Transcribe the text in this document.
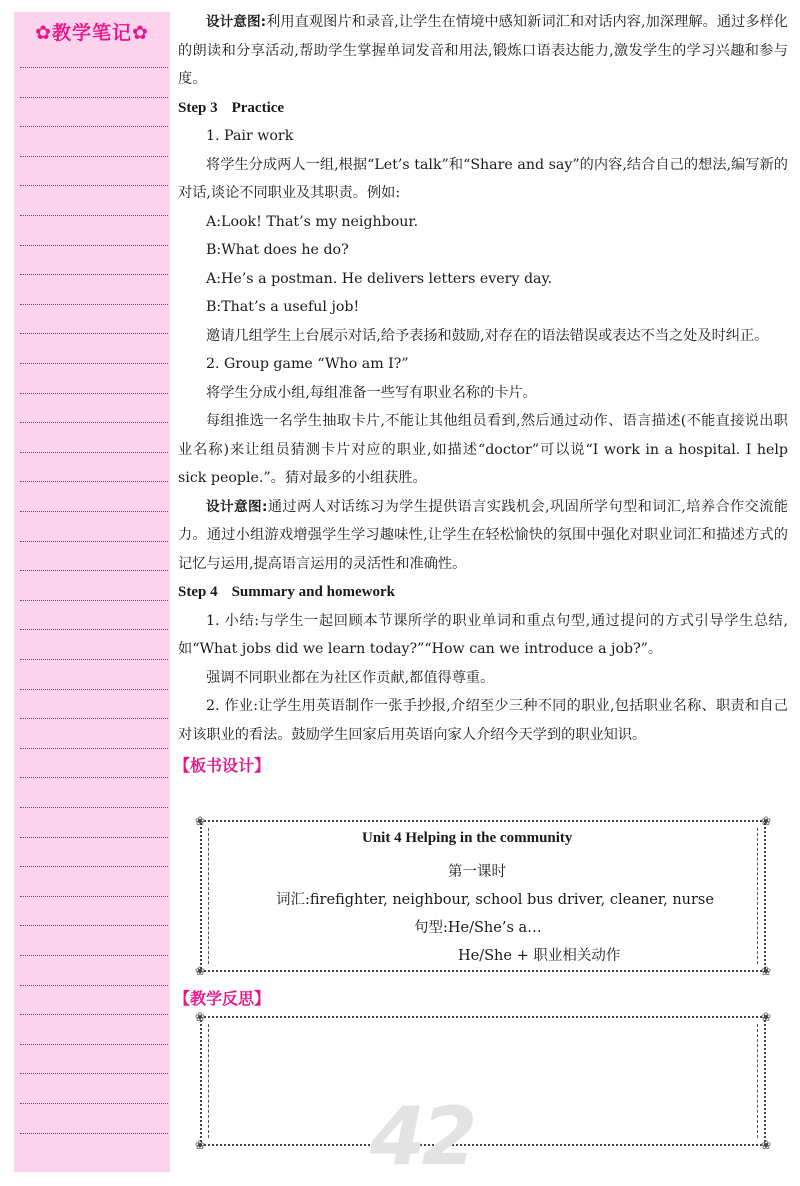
✿教学笔记✿	设计意图:利用直观图片和录音,让学生在情境中感知新词汇和对话内容,加深理解。通过多样化的朗读和分享活动,帮助学生掌握单词发音和用法,锻炼口语表达能力,激发学生的学习兴趣和参与度。

Step 3 Practice

1. Pair work

将学生分成两人一组,根据“Let’s talk”和“Share and say”的内容,结合自己的想法,编写新的对话,谈论不同职业及其职责。例如:

A:Look! That’s my neighbour.

B:What does he do?

A:He’s a postman. He delivers letters every day.

B:That’s a useful job!

邀请几组学生上台展示对话,给予表扬和鼓励,对存在的语法错误或表达不当之处及时纠正。

2. Group game “Who am I?”

将学生分成小组,每组准备一些写有职业名称的卡片。

每组推选一名学生抽取卡片,不能让其他组员看到,然后通过动作、语言描述(不能直接说出职业名称)来让组员猜测卡片对应的职业,如描述“doctor”可以说“I work in a hospital. I help sick people.”。猜对最多的小组获胜。

设计意图:通过两人对话练习为学生提供语言实践机会,巩固所学句型和词汇,培养合作交流能力。通过小组游戏增强学生学习趣味性,让学生在轻松愉快的氛围中强化对职业词汇和描述方式的记忆与运用,提高语言运用的灵活性和准确性。

Step 4 Summary and homework

1. 小结:与学生一起回顾本节课所学的职业单词和重点句型,通过提问的方式引导学生总结,如“What jobs did we learn today?”“How can we introduce a job?”。

强调不同职业都在为社区作贡献,都值得尊重。

2. 作业:让学生用英语制作一张手抄报,介绍至少三种不同的职业,包括职业名称、职责和自己对该职业的看法。鼓励学生回家后用英语向家人介绍今天学到的职业知识。

【板书设计】
❀	❀
❀	❀
Unit 4 Helping in the community
第一课时
词汇:firefighter, neighbour, school bus driver, cleaner, nurse
句型:He/She’s a…
He/She + 职业相关动作
【教学反思】
❀	❀
❀	❀
42
